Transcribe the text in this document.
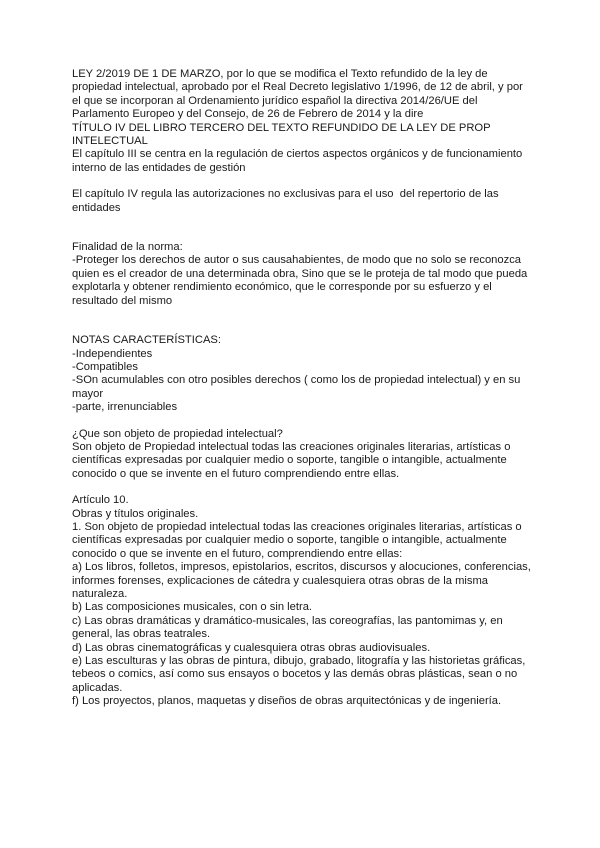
LEY 2/2019 DE 1 DE MARZO, por lo que se modifica el Texto refundido de la ley de propiedad intelectual, aprobado por el Real Decreto legislativo 1/1996, de 12 de abril, y por el que se incorporan al Ordenamiento jurídico español la directiva 2014/26/UE del Parlamento Europeo y del Consejo, de 26 de Febrero de 2014 y la dire

TÍTULO IV DEL LIBRO TERCERO DEL TEXTO REFUNDIDO DE LA LEY DE PROP INTELECTUAL

El capítulo III se centra en la regulación de ciertos aspectos orgánicos y de funcionamiento interno de las entidades de gestión

El capítulo IV regula las autorizaciones no exclusivas para el uso  del repertorio de las entidades

Finalidad de la norma:

-Proteger los derechos de autor o sus causahabientes, de modo que no solo se reconozca quien es el creador de una determinada obra, Sino que se le proteja de tal modo que pueda explotarla y obtener rendimiento económico, que le corresponde por su esfuerzo y el resultado del mismo

NOTAS CARACTERÍSTICAS:

-Independientes

-Compatibles

-SOn acumulables con otro posibles derechos ( como los de propiedad intelectual) y en su mayor

-parte, irrenunciables

¿Que son objeto de propiedad intelectual?

Son objeto de Propiedad intelectual todas las creaciones originales literarias, artísticas o científicas expresadas por cualquier medio o soporte, tangible o intangible, actualmente conocido o que se invente en el futuro comprendiendo entre ellas.

Artículo 10.

Obras y títulos originales.

1. Son objeto de propiedad intelectual todas las creaciones originales literarias, artísticas o científicas expresadas por cualquier medio o soporte, tangible o intangible, actualmente conocido o que se invente en el futuro, comprendiendo entre ellas:

a) Los libros, folletos, impresos, epistolarios, escritos, discursos y alocuciones, conferencias, informes forenses, explicaciones de cátedra y cualesquiera otras obras de la misma naturaleza.

b) Las composiciones musicales, con o sin letra.

c) Las obras dramáticas y dramático-musicales, las coreografías, las pantomimas y, en general, las obras teatrales.

d) Las obras cinematográficas y cualesquiera otras obras audiovisuales.

e) Las esculturas y las obras de pintura, dibujo, grabado, litografía y las historietas gráficas, tebeos o comics, así como sus ensayos o bocetos y las demás obras plásticas, sean o no aplicadas.

f) Los proyectos, planos, maquetas y diseños de obras arquitectónicas y de ingeniería.
